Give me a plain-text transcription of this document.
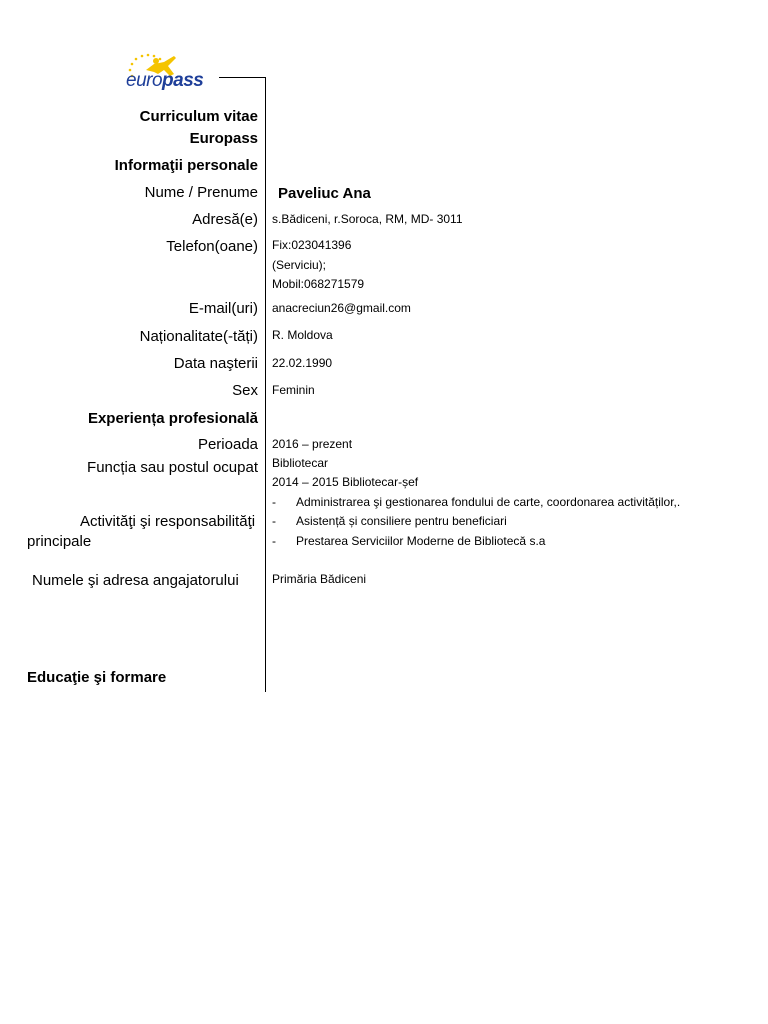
europass
Curriculum vitae
Europass
Informaţii personale
Nume / Prenume Paveliuc Ana
Adresă(e) s.Bădiceni, r.Soroca, RM, MD- 3011
Telefon(oane) Fix:023041396
(Serviciu);
Mobil:068271579
E-mail(uri) anacreciun26@gmail.com
Naționalitate(-tăți) R. Moldova
Data naşterii 22.02.1990
Sex Feminin
Experiența profesională
Perioada 2016 – prezent
Funcția sau postul ocupat Bibliotecar
2014 – 2015 Bibliotecar-șef
Activităţi şi responsabilităţi
principale
- Administrarea şi gestionarea fondului de carte, coordonarea activităților,.
- Asistență și consiliere pentru beneficiari
- Prestarea Serviciilor Moderne de Bibliotecă s.a
Numele şi adresa angajatorului	Primăria Bădiceni
Educaţie şi formare
